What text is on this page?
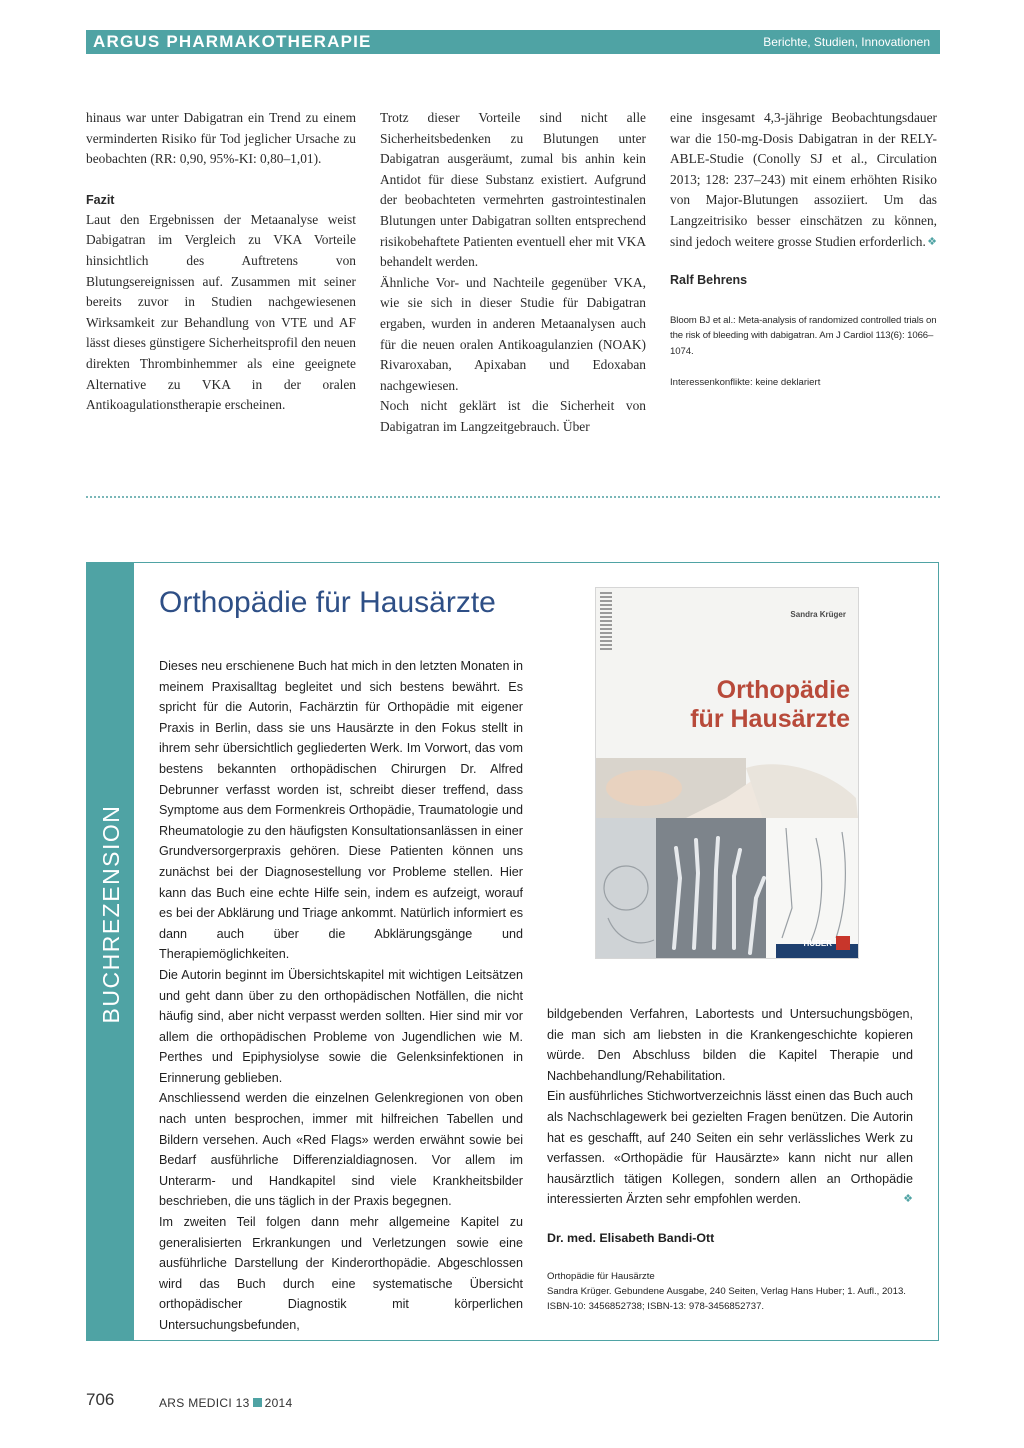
ARGUS PHARMAKOTHERAPIE	Berichte, Studien, Innovationen

hinaus war unter Dabigatran ein Trend zu einem verminderten Risiko für Tod jeglicher Ursache zu beobachten (RR: 0,90, 95%-KI: 0,80–1,01).

Fazit

Laut den Ergebnissen der Metaanalyse weist Dabigatran im Vergleich zu VKA Vorteile hinsichtlich des Auftretens von Blutungsereignissen auf. Zusammen mit seiner bereits zuvor in Studien nachgewiesenen Wirksamkeit zur Behandlung von VTE und AF lässt dieses günstigere Sicherheitsprofil den neuen direkten Thrombinhemmer als eine geeignete Alternative zu VKA in der oralen Antikoagulationstherapie erscheinen.

Trotz dieser Vorteile sind nicht alle Sicherheitsbedenken zu Blutungen unter Dabigatran ausgeräumt, zumal bis anhin kein Antidot für diese Substanz existiert. Aufgrund der beobachteten vermehrten gastrointestinalen Blutungen unter Dabigatran sollten entsprechend risikobehaftete Patienten eventuell eher mit VKA behandelt werden.

Ähnliche Vor- und Nachteile gegenüber VKA, wie sie sich in dieser Studie für Dabigatran ergaben, wurden in anderen Metaanalysen auch für die neuen oralen Antikoagulanzien (NOAK) Rivaroxaban, Apixaban und Edoxaban nachgewiesen.

Noch nicht geklärt ist die Sicherheit von Dabigatran im Langzeitgebrauch. Über

eine insgesamt 4,3-jährige Beobachtungsdauer war die 150-mg-Dosis Dabigatran in der RELY-ABLE-Studie (Conolly SJ et al., Circulation 2013; 128: 237–243) mit einem erhöhten Risiko von Major-Blutungen assoziiert. Um das Langzeitrisiko besser einschätzen zu können, sind jedoch weitere grosse Studien erforderlich. ❖

Ralf Behrens
Bloom BJ et al.: Meta-analysis of randomized controlled trials on the risk of bleeding with dabigatran. Am J Cardiol 113(6): 1066–1074.
Interessenkonflikte: keine deklariert
BUCHREZENSION
Orthopädie für Hausärzte

Dieses neu erschienene Buch hat mich in den letzten Monaten in meinem Praxisalltag begleitet und sich bestens bewährt. Es spricht für die Autorin, Fachärztin für Orthopädie mit eigener Praxis in Berlin, dass sie uns Hausärzte in den Fokus stellt in ihrem sehr übersichtlich gegliederten Werk. Im Vorwort, das vom bestens bekannten orthopädischen Chirurgen Dr. Alfred Debrunner verfasst worden ist, schreibt dieser treffend, dass Symptome aus dem Formenkreis Orthopädie, Traumatologie und Rheumatologie zu den häufigsten Konsultationsanlässen in einer Grundversorgerpraxis gehören. Diese Patienten können uns zunächst bei der Diagnosestellung vor Probleme stellen. Hier kann das Buch eine echte Hilfe sein, indem es aufzeigt, worauf es bei der Abklärung und Triage ankommt. Natürlich informiert es dann auch über die Abklärungsgänge und Therapiemöglichkeiten.

Die Autorin beginnt im Übersichtskapitel mit wichtigen Leitsätzen und geht dann über zu den orthopädischen Notfällen, die nicht häufig sind, aber nicht verpasst werden sollten. Hier sind mir vor allem die orthopädischen Probleme von Jugendlichen wie M. Perthes und Epiphysiolyse sowie die Gelenksinfektionen in Erinnerung geblieben.

Anschliessend werden die einzelnen Gelenkregionen von oben nach unten besprochen, immer mit hilfreichen Tabellen und Bildern versehen. Auch «Red Flags» werden erwähnt sowie bei Bedarf ausführliche Differenzialdiagnosen. Vor allem im Unterarm- und Handkapitel sind viele Krankheitsbilder beschrieben, die uns täglich in der Praxis begegnen.

Im zweiten Teil folgen dann mehr allgemeine Kapitel zu generalisierten Erkrankungen und Verletzungen sowie eine ausführliche Darstellung der Kinderorthopädie. Abgeschlossen wird das Buch durch eine systematische Übersicht orthopädischer Diagnostik mit körperlichen Untersuchungsbefunden,

Sandra Krüger
Orthopädie
für Hausärzte
HUBER

bildgebenden Verfahren, Labortests und Untersuchungsbögen, die man sich am liebsten in die Krankengeschichte kopieren würde. Den Abschluss bilden die Kapitel Therapie und Nachbehandlung/Rehabilitation.

Ein ausführliches Stichwortverzeichnis lässt einen das Buch auch als Nachschlagewerk bei gezielten Fragen benützen. Die Autorin hat es geschafft, auf 240 Seiten ein sehr verlässliches Werk zu verfassen. «Orthopädie für Hausärzte» kann nicht nur allen hausärztlich tätigen Kollegen, sondern allen an Orthopädie interessierten Ärzten sehr empfohlen werden.	❖

Dr. med. Elisabeth Bandi-Ott
Orthopädie für Hausärzte
Sandra Krüger. Gebundene Ausgabe, 240 Seiten, Verlag Hans Huber; 1. Aufl., 2013.
ISBN-10: 3456852738; ISBN-13: 978-3456852737.
706	ARS MEDICI 13 2014
